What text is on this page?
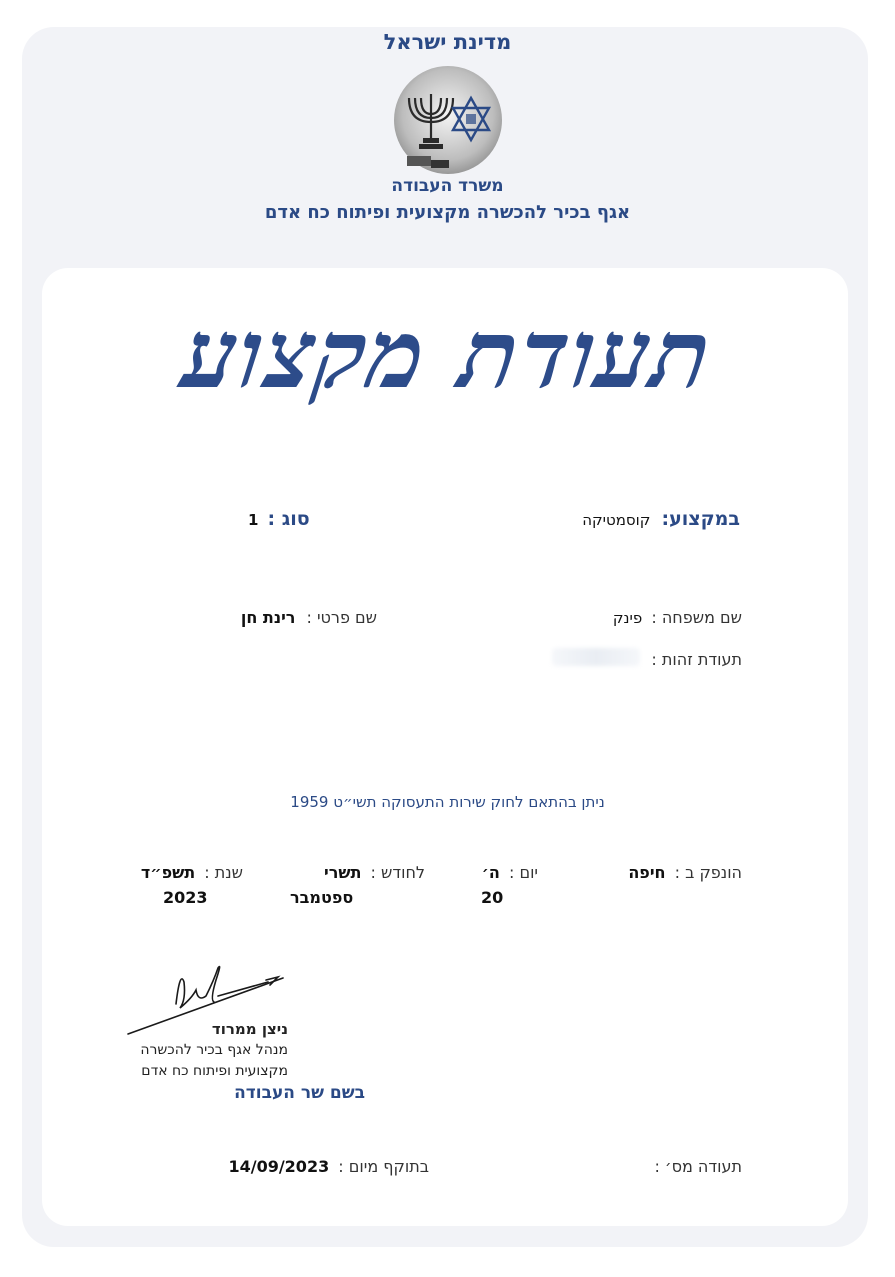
מדינת ישראל
משרד העבודה
אגף בכיר להכשרה מקצועית ופיתוח כח אדם
תעודת מקצוע
במקצוע: קוסמטיקה
סוג : 1
שם משפחה : פינק
שם פרטי : רינת חן
תעודת זהות :
ניתן בהתאם לחוק שירות התעסוקה תשי״ט 1959
הונפק ב : חיפה
יום : ה׳
לחודש : תשרי
שנת : תשפ״ד
20
ספטמבר
2023
ניצן ממרוד
מנהל אגף בכיר להכשרה
מקצועית ופיתוח כח אדם
בשם שר העבודה
תעודה מס׳ :
בתוקף מיום : 14/09/2023
